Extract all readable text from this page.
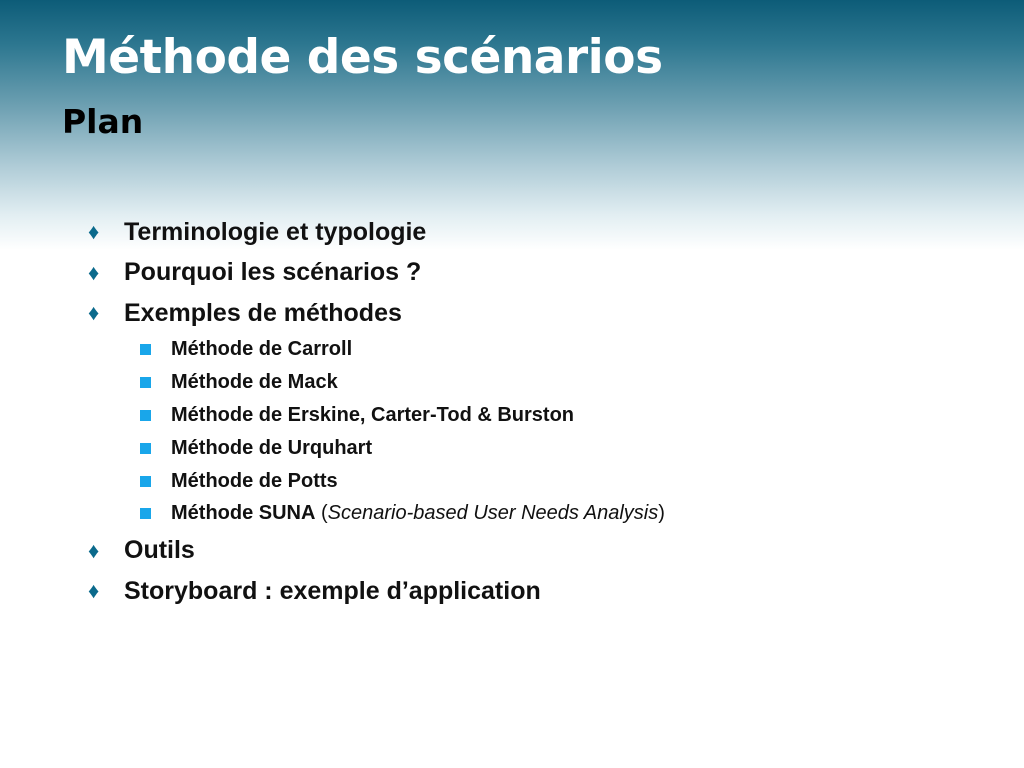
Méthode des scénarios
Plan
♦ Terminologie et typologie
♦ Pourquoi les scénarios ?
♦ Exemples de méthodes
Méthode de Carroll
Méthode de Mack
Méthode de Erskine, Carter-Tod & Burston
Méthode de Urquhart
Méthode de Potts
Méthode SUNA ( Scenario-based User Needs Analysis )
♦ Outils
♦ Storyboard : exemple d’application
